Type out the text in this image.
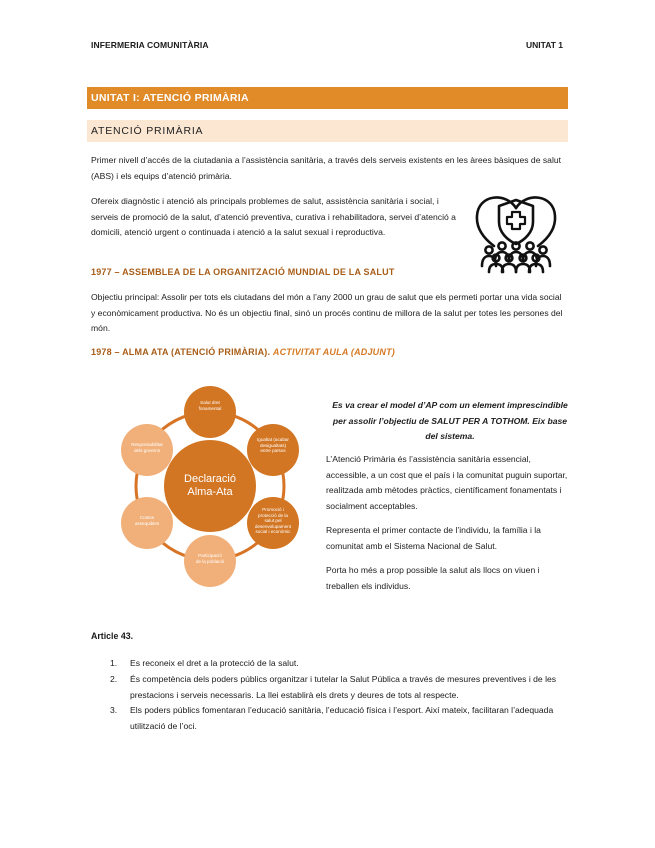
INFERMERIA COMUNITÀRIA	UNITAT 1
UNITAT I: ATENCIÓ PRIMÀRIA
ATENCIÓ PRIMÀRIA
Primer nivell d’accés de la ciutadania a l’assistència sanitària, a través dels serveis existents en les àrees bàsiques de salut (ABS) i els equips d’atenció primària.
Ofereix diagnòstic i atenció als principals problemes de salut, assistència sanitària i social, i serveis de promoció de la salut, d’atenció preventiva, curativa i rehabilitadora, servei d’atenció a domicili, atenció urgent o continuada i atenció a la salut sexual i reproductiva.
1977 – ASSEMBLEA DE LA ORGANITZACIÓ MUNDIAL DE LA SALUT
Objectiu principal: Assolir per tots els ciutadans del món a l’any 2000 un grau de salut que els permeti portar una vida social y econòmicament productiva. No és un objectiu final, sinó un procés continu de millora de la salut per totes les persones del món.
1978 – ALMA ATA (ATENCIÓ PRIMÀRIA). ACTIVITAT AULA (ADJUNT)
Declaració
Alma-Ata
Salut dret
fonamental
Igualtat (acabar
desigualtats)
entre països
Promoció i
protecció de la
salut pel
desenvolupament
social i econòmic
Participació
de la població
Costos
assequibles
Responsabilitat
dels governs
Es va crear el model d’AP com un element imprescindible per assolir l’objectiu de SALUT PER A TOTHOM. Eix base del sistema.
L’Atenció Primària és l’assistència sanitària essencial, accessible, a un cost que el país i la comunitat puguin suportar, realitzada amb mètodes pràctics, científicament fonamentats i socialment acceptables.
Representa el primer contacte de l’individu, la família i la comunitat amb el Sistema Nacional de Salut.
Porta ho més a prop possible la salut als llocs on viuen i treballen els individus.
Article 43.
1. Es reconeix el dret a la protecció de la salut.
2. És competència dels poders públics organitzar i tutelar la Salut Pública a través de mesures preventives i de les prestacions i serveis necessaris. La llei establirà els drets y deures de tots al respecte.
3. Els poders públics fomentaran l’educació sanitària, l’educació física i l’esport. Així mateix, facilitaran l’adequada utilització de l’oci.
